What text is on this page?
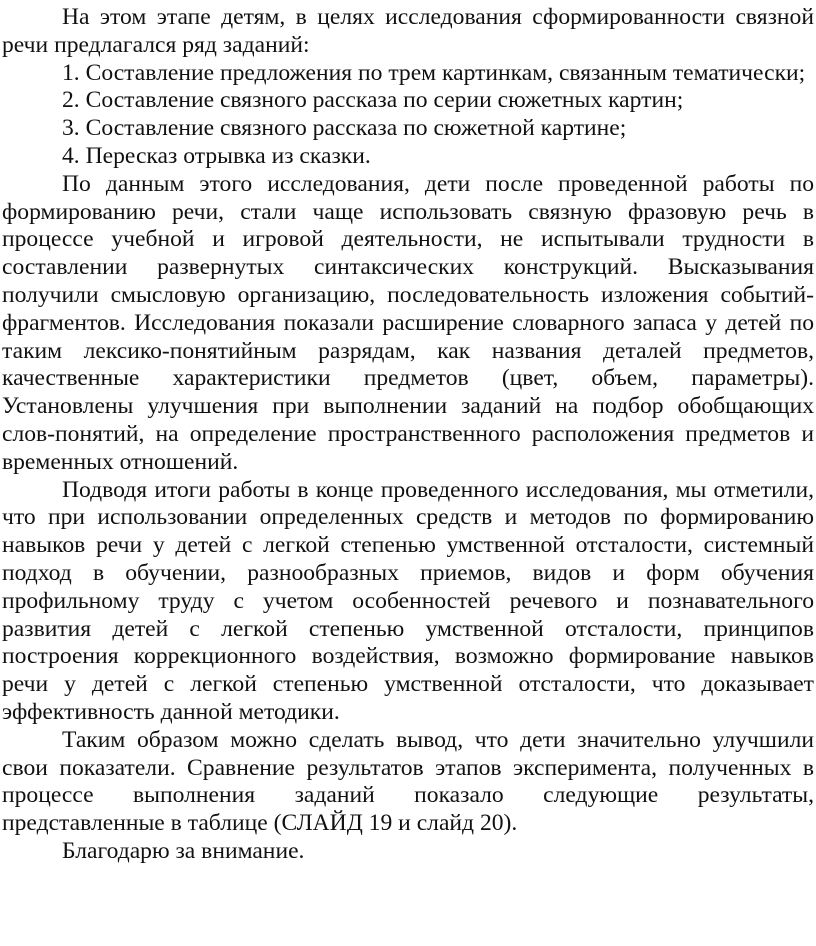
На этом этапе детям, в целях исследования сформированности связной речи предлагался ряд заданий:

1. Составление предложения по трем картинкам, связанным тематически;

2. Составление связного рассказа по серии сюжетных картин;

3. Составление связного рассказа по сюжетной картине;

4. Пересказ отрывка из сказки.

По данным этого исследования, дети после проведенной работы по формированию речи, стали чаще использовать связную фразовую речь в процессе учебной и игровой деятельности, не испытывали трудности в составлении развернутых синтаксических конструкций. Высказывания получили смысловую организацию, последовательность изложения событий-фрагментов. Исследования показали расширение словарного запаса у детей по таким лексико-понятийным разрядам, как названия деталей предметов, качественные характеристики предметов (цвет, объем, параметры). Установлены улучшения при выполнении заданий на подбор обобщающих слов-понятий, на определение пространственного расположения предметов и временных отношений.

Подводя итоги работы в конце проведенного исследования, мы отметили, что при использовании определенных средств и методов по формированию навыков речи у детей с легкой степенью умственной отсталости, системный подход в обучении, разнообразных приемов, видов и форм обучения профильному труду с учетом особенностей речевого и познавательного развития детей с легкой степенью умственной отсталости, принципов построения коррекционного воздействия, возможно формирование навыков речи у детей с легкой степенью умственной отсталости, что доказывает эффективность данной методики.

Таким образом можно сделать вывод, что дети значительно улучшили свои показатели. Сравнение результатов этапов эксперимента, полученных в процессе выполнения заданий показало следующие результаты, представленные в таблице (СЛАЙД 19 и слайд 20).

Благодарю за внимание.
